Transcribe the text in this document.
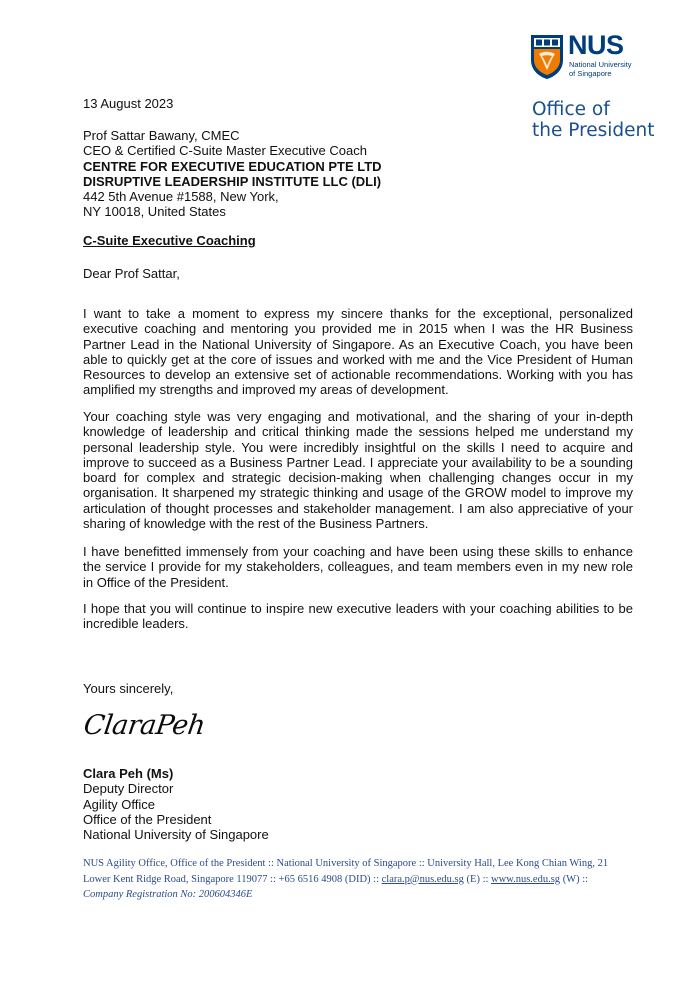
NUS
National University
of Singapore
Office of
the President
13 August 2023
Prof Sattar Bawany, CMEC
CEO & Certified C-Suite Master Executive Coach
CENTRE FOR EXECUTIVE EDUCATION PTE LTD
DISRUPTIVE LEADERSHIP INSTITUTE LLC (DLI)
442 5th Avenue #1588, New York,
NY 10018, United States
C-Suite Executive Coaching
Dear Prof Sattar,
I want to take a moment to express my sincere thanks for the exceptional, personalized executive coaching and mentoring you provided me in 2015 when I was the HR Business Partner Lead in the National University of Singapore. As an Executive Coach, you have been able to quickly get at the core of issues and worked with me and the Vice President of Human Resources to develop an extensive set of actionable recommendations. Working with you has amplified my strengths and improved my areas of development.
Your coaching style was very engaging and motivational, and the sharing of your in-depth knowledge of leadership and critical thinking made the sessions helped me understand my personal leadership style. You were incredibly insightful on the skills I need to acquire and improve to succeed as a Business Partner Lead. I appreciate your availability to be a sounding board for complex and strategic decision-making when challenging changes occur in my organisation. It sharpened my strategic thinking and usage of the GROW model to improve my articulation of thought processes and stakeholder management. I am also appreciative of your sharing of knowledge with the rest of the Business Partners.
I have benefitted immensely from your coaching and have been using these skills to enhance the service I provide for my stakeholders, colleagues, and team members even in my new role in Office of the President.
I hope that you will continue to inspire new executive leaders with your coaching abilities to be incredible leaders.
Yours sincerely,
ClaraPeh
Clara Peh (Ms)
Deputy Director
Agility Office
Office of the President
National University of Singapore
NUS Agility Office, Office of the President :: National University of Singapore :: University Hall, Lee Kong Chian Wing, 21
Lower Kent Ridge Road, Singapore 119077 :: +65 6516 4908 (DID) :: clara.p@nus.edu.sg (E) :: www.nus.edu.sg (W) ::
Company Registration No: 200604346E
